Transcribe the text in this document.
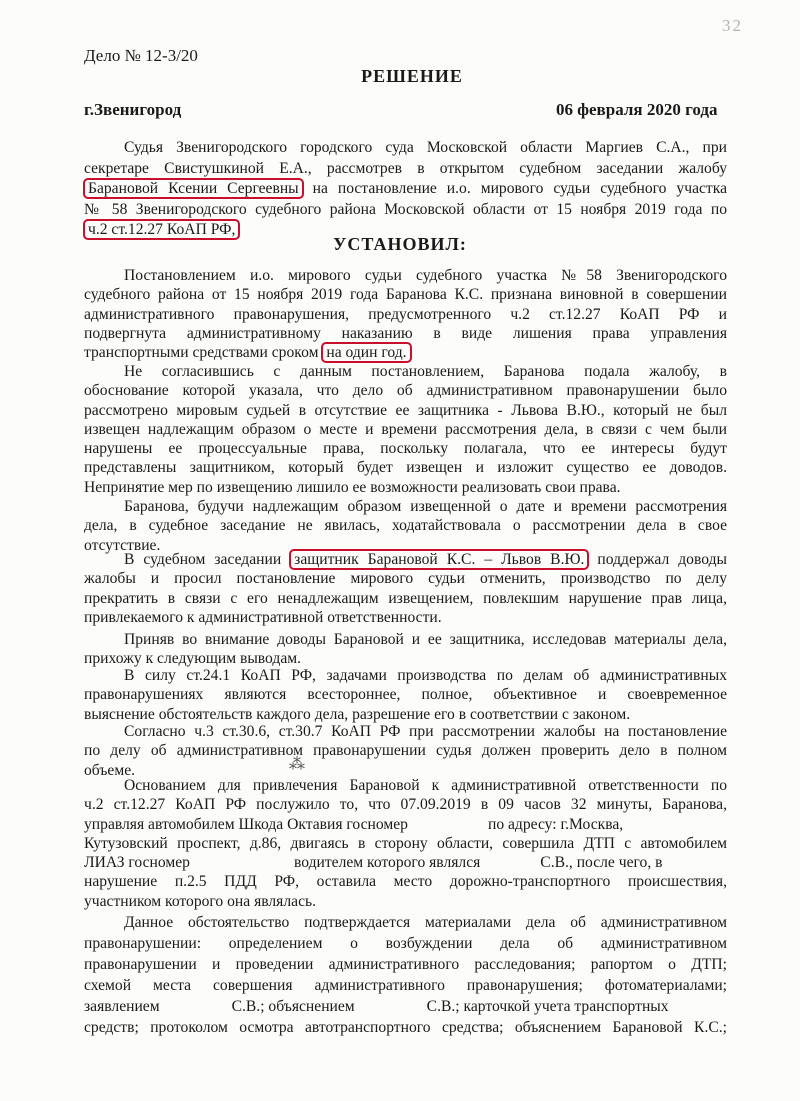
32
Дело № 12-3/20
РЕШЕНИЕ
г.Звенигород	06 февраля 2020 года
Судья Звенигородского городского суда Московской области Маргиев С.А., при
секретаре Свистушкиной Е.А., рассмотрев в открытом судебном заседании жалобу
Барановой Ксении Сергеевны на постановление и.о. мирового судьи судебного участка
№ 58 Звенигородского судебного района Московской области от 15 ноября 2019 года по
ч.2 ст.12.27 КоАП РФ,
УСТАНОВИЛ:
Постановлением и.о. мирового судьи судебного участка №58 Звенигородского
судебного района от 15 ноября 2019 года Баранова К.С. признана виновной в совершении
административного правонарушения, предусмотренного ч.2 ст.12.27 КоАП РФ и
подвергнута административному наказанию в виде лишения права управления
транспортными средствами сроком на один год.
Не согласившись с данным постановлением, Баранова подала жалобу, в
обоснование которой указала, что дело об административном правонарушении было
рассмотрено мировым судьей в отсутствие ее защитника - Львова В.Ю., который не был
извещен надлежащим образом о месте и времени рассмотрения дела, в связи с чем были
нарушены ее процессуальные права, поскольку полагала, что ее интересы будут
представлены защитником, который будет извещен и изложит существо ее доводов.
Непринятие мер по извещению лишило ее возможности реализовать свои права.
Баранова, будучи надлежащим образом извещенной о дате и времени рассмотрения
дела, в судебное заседание не явилась, ходатайствовала о рассмотрении дела в свое
отсутствие.
В судебном заседании защитник Барановой К.С. – Львов В.Ю. поддержал доводы
жалобы и просил постановление мирового судьи отменить, производство по делу
прекратить в связи с его ненадлежащим извещением, повлекшим нарушение прав лица,
привлекаемого к административной ответственности.
Приняв во внимание доводы Барановой и ее защитника, исследовав материалы дела,
прихожу к следующим выводам.
В силу ст.24.1 КоАП РФ, задачами производства по делам об административных
правонарушениях являются всестороннее, полное, объективное и своевременное
выяснение обстоятельств каждого дела, разрешение его в соответствии с законом.
Согласно ч.3 ст.30.6, ст.30.7 КоАП РФ при рассмотрении жалобы на постановление
по делу об административном правонарушении судья должен проверить дело в полном
объеме.	⁂
Основанием для привлечения Барановой к административной ответственности по
ч.2 ст.12.27 КоАП РФ послужило то, что 07.09.2019 в 09 часов 32 минуты, Баранова,
управляя автомобилем Шкода Октавия госномер	по адресу: г.Москва,
Кутузовский проспект, д.86, двигаясь в сторону области, совершила ДТП с автомобилем
ЛИАЗ госномер	водителем которого являлся	С.В., после чего, в
нарушение п.2.5 ПДД РФ, оставила место дорожно-транспортного происшествия,
участником которого она являлась.
Данное обстоятельство подтверждается материалами дела об административном
правонарушении: определением о возбуждении дела об административном
правонарушении и проведении административного расследования; рапортом о ДТП;
схемой места совершения административного правонарушения; фотоматериалами;
заявлением	С.В.; объяснением	С.В.; карточкой учета транспортных
средств; протоколом осмотра автотранспортного средства; объяснением Барановой К.С.;
